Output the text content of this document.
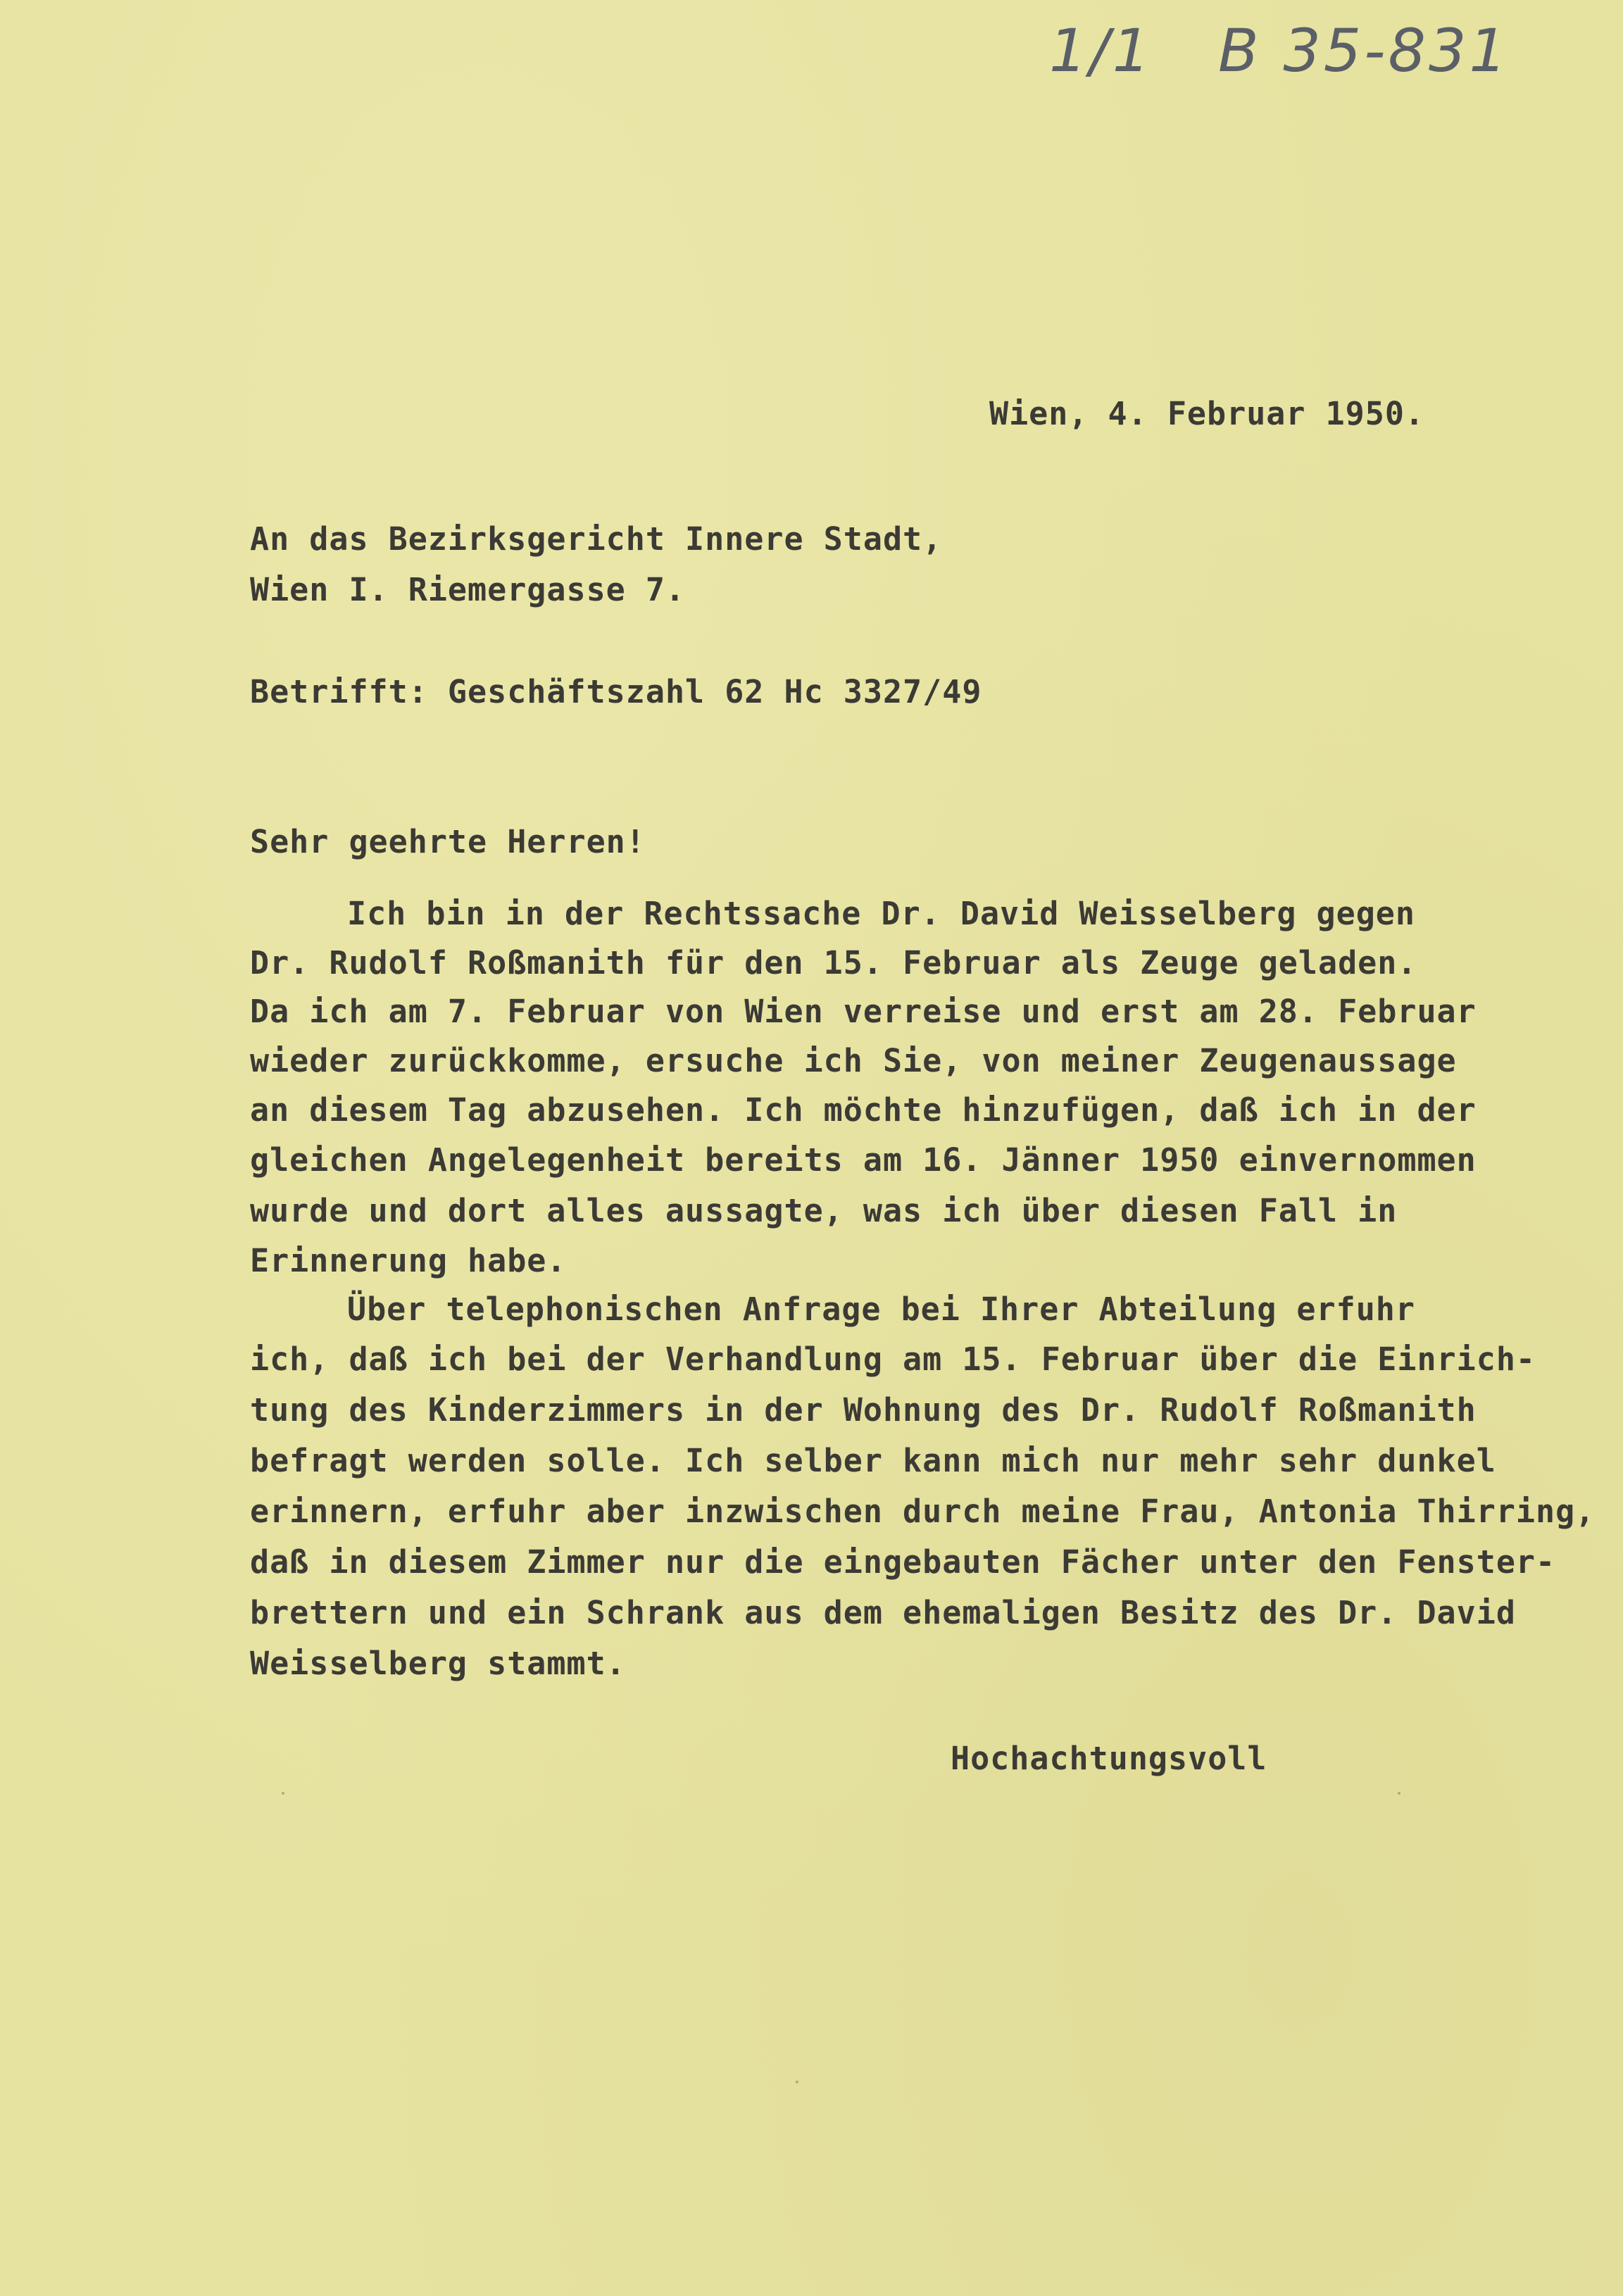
1/1 B 35-831
Wien, 4. Februar 1950.
An das Bezirksgericht Innere Stadt,
Wien I. Riemergasse 7.
Betrifft: Geschäftszahl 62 Hc 3327/49
Sehr geehrte Herren!
Ich bin in der Rechtssache Dr. David Weisselberg gegen
Dr. Rudolf Roßmanith für den 15. Februar als Zeuge geladen.
Da ich am 7. Februar von Wien verreise und erst am 28. Februar
wieder zurückkomme, ersuche ich Sie, von meiner Zeugenaussage
an diesem Tag abzusehen. Ich möchte hinzufügen, daß ich in der
gleichen Angelegenheit bereits am 16. Jänner 1950 einvernommen
wurde und dort alles aussagte, was ich über diesen Fall in
Erinnerung habe.
Über telephonischen Anfrage bei Ihrer Abteilung erfuhr
ich, daß ich bei der Verhandlung am 15. Februar über die Einrich-
tung des Kinderzimmers in der Wohnung des Dr. Rudolf Roßmanith
befragt werden solle. Ich selber kann mich nur mehr sehr dunkel
erinnern, erfuhr aber inzwischen durch meine Frau, Antonia Thirring,
daß in diesem Zimmer nur die eingebauten Fächer unter den Fenster-
brettern und ein Schrank aus dem ehemaligen Besitz des Dr. David
Weisselberg stammt.
Hochachtungsvoll
